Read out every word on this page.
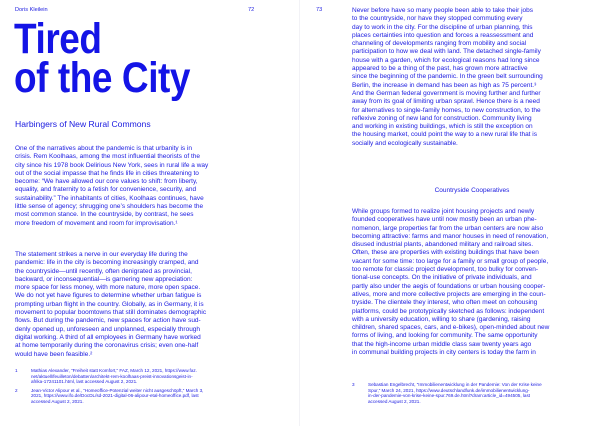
Doris Kleilein	72
Tired
of the City
Harbingers of New Rural Commons

One of the narratives about the pandemic is that urbanity is in
crisis. Rem Koolhaas, among the most influential theorists of the
city since his 1978 book Delirious New York, sees in rural life a way
out of the social impasse that he finds life in cities threatening to
become: “We have allowed our core values to shift: from liberty,
equality, and fraternity to a fetish for convenience, security, and
sustainability.” The inhabitants of cities, Koolhaas continues, have
little sense of agency; shrugging one’s shoulders has become the
most common stance. In the countryside, by contrast, he sees
more freedom of movement and room for improvisation.¹

The statement strikes a nerve in our everyday life during the
pandemic: life in the city is becoming increasingly cramped, and
the countryside—until recently, often denigrated as provincial,
backward, or inconsequential—is garnering new appreciation:
more space for less money, with more nature, more open space.
We do not yet have figures to determine whether urban fatigue is
prompting urban flight in the country. Globally, as in Germany, it is
movement to popular boomtowns that still dominates demographic
flows. But during the pandemic, new spaces for action have sud-
denly opened up, unforeseen and unplanned, especially through
digital working. A third of all employees in Germany have worked
at home temporarily during the coronavirus crisis; even one-half
would have been feasible.²

1	Mathias Alexander, “Freiheit statt Komfort,” FAZ, March 12, 2021, https://www.faz.
net/aktuell/feuilleton/debatten/architekt-rem-koolhaas-preist-innovationsgeist-in-
afrika-17241101.html, last accessed August 2, 2021.
2	Jean-Victor Alipour et al., “Homeoffice-Potenzial weiter nicht ausgeschöpft,” March 3,
2021, https://www.ifo.de/DocDL/sd-2021-digital-06-alipour-etal-homeoffice.pdf, last
accessed August 2, 2021.
73	Never before have so many people been able to take their jobs
to the countryside, nor have they stopped commuting every
day to work in the city. For the discipline of urban planning, this
places certainties into question and forces a reassessment and
channeling of developments ranging from mobility and social
participation to how we deal with land. The detached single-family
house with a garden, which for ecological reasons had long since
appeared to be a thing of the past, has grown more attractive
since the beginning of the pandemic. In the green belt surrounding
Berlin, the increase in demand has been as high as 75 percent.³
And the German federal government is moving further and further
away from its goal of limiting urban sprawl. Hence there is a need
for alternatives to single-family homes, to new construction, to the
reflexive zoning of new land for construction. Community living
and working in existing buildings, which is still the exception on
the housing market, could point the way to a new rural life that is
socially and ecologically sustainable.

Countryside Cooperatives

While groups formed to realize joint housing projects and newly
founded cooperatives have until now mostly been an urban phe-
nomenon, large properties far from the urban centers are now also
becoming attractive: farms and manor houses in need of renovation,
disused industrial plants, abandoned military and railroad sites.
Often, these are properties with existing buildings that have been
vacant for some time: too large for a family or small group of people,
too remote for classic project development, too bulky for conven-
tional-use concepts. On the initiative of private individuals, and
partly also under the aegis of foundations or urban housing cooper-
atives, more and more collective projects are emerging in the coun-
tryside. The clientele they interest, who often meet on cohousing
platforms, could be prototypically sketched as follows: independent
with a university education, willing to share (gardening, raising
children, shared spaces, cars, and e-bikes), open-minded about new
forms of living, and looking for community. The same opportunity
that the high-income urban middle class saw twenty years ago
in communal building projects in city centers is today the farm in

3	Sebastian Engelbrecht, “Immobilienentwicklung in der Pandemie: Von der Krise keine
Spur,” March 24, 2021, https://www.deutschlandfunk.de/immobilienentwicklung-
in-der-pandemie-von-krise-keine-spur.769.de.html?dram:article_id=494505, last
accessed August 2, 2021.
